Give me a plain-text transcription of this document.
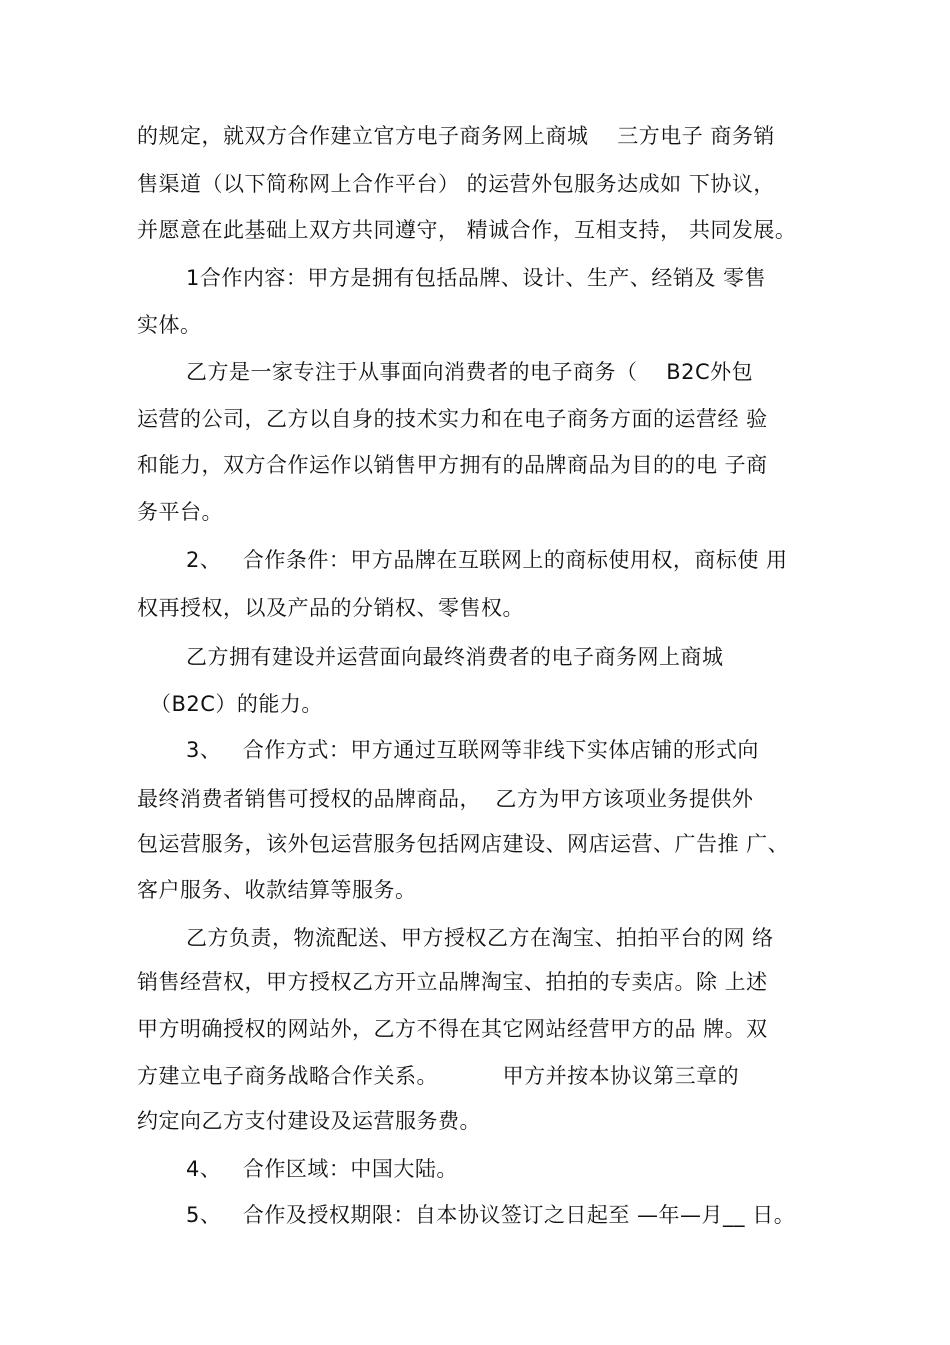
的规定，就双方合作建立官方电子商务网上商城    三方电子 商务销
售渠道（以下简称网上合作平台） 的运营外包服务达成如 下协议，
并愿意在此基础上双方共同遵守， 精诚合作，互相支持， 共同发展。
1合作内容：甲方是拥有包括品牌、设计、生产、经销及 零售
实体。
乙方是一家专注于从事面向消费者的电子商务（    B2C外包
运营的公司，乙方以自身的技术实力和在电子商务方面的运营经 验
和能力，双方合作运作以销售甲方拥有的品牌商品为目的的电 子商
务平台。
2、   合作条件：甲方品牌在互联网上的商标使用权，商标使 用
权再授权，以及产品的分销权、零售权。
乙方拥有建设并运营面向最终消费者的电子商务网上商城
（B2C）的能力。
3、   合作方式：甲方通过互联网等非线下实体店铺的形式向
最终消费者销售可授权的品牌商品，  乙方为甲方该项业务提供外
包运营服务，该外包运营服务包括网店建设、网店运营、广告推 广、
客户服务、收款结算等服务。
乙方负责，物流配送、甲方授权乙方在淘宝、拍拍平台的网 络
销售经营权，甲方授权乙方开立品牌淘宝、拍拍的专卖店。除 上述
甲方明确授权的网站外，乙方不得在其它网站经营甲方的品 牌。双
方建立电子商务战略合作关系。         甲方并按本协议第三章的
约定向乙方支付建设及运营服务费。
4、   合作区域：中国大陆。
5、   合作及授权期限：自本协议签订之日起至 —年—月__ 日。
